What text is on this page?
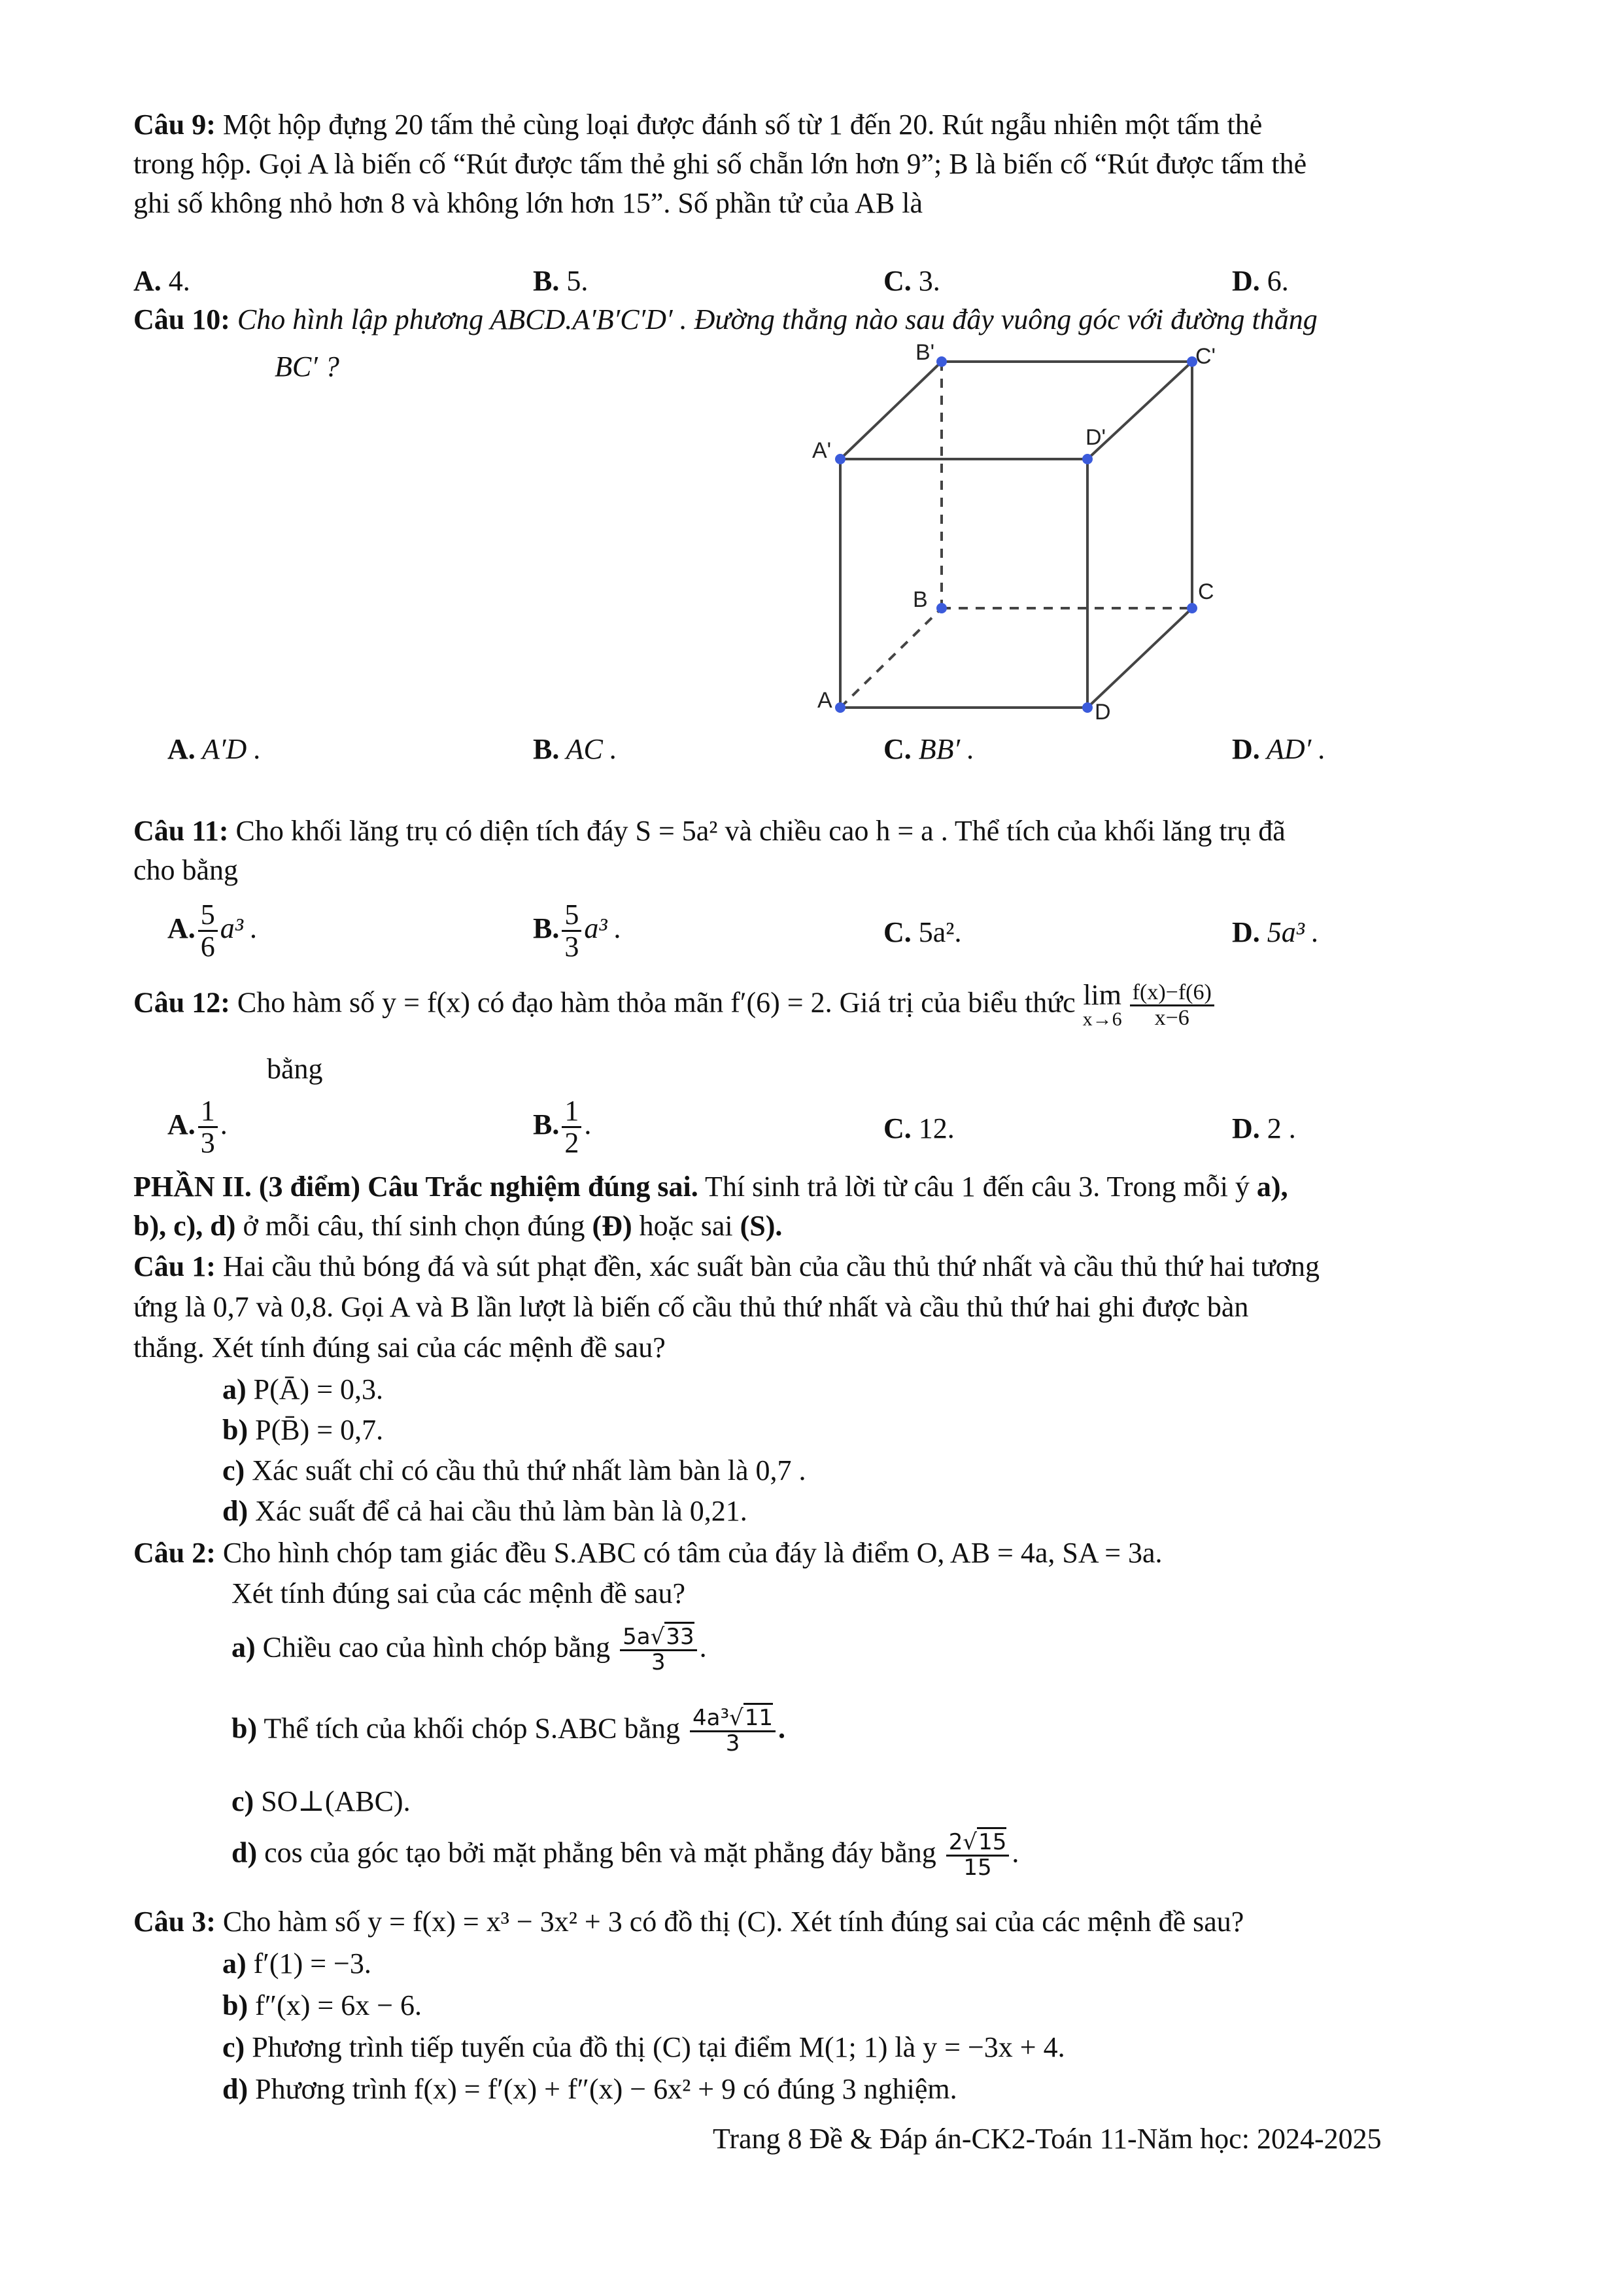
Câu 9: Một hộp đựng 20 tấm thẻ cùng loại được đánh số từ 1 đến 20. Rút ngẫu nhiên một tấm thẻ
trong hộp. Gọi A là biến cố “Rút được tấm thẻ ghi số chẵn lớn hơn 9”; B là biến cố “Rút được tấm thẻ
ghi số không nhỏ hơn 8 và không lớn hơn 15”. Số phần tử của AB là
A. 4.	B. 5.	C. 3.	D. 6.
Câu 10: Cho hình lập phương ABCD.A′B′C′D′ . Đường thẳng nào sau đây vuông góc với đường thẳng
BC′ ?	B'	C'
A'
D'
B	C
A	D
A. A′D .	B. AC .	C. BB′ .	D. AD′ .
Câu 11: Cho khối lăng trụ có diện tích đáy S = 5a² và chiều cao h = a . Thể tích của khối lăng trụ đã
cho bằng
A. $\frac{5}{6} a^3$ .	B. $\frac{5}{3} a^3$ .	C. 5a².	D. 5a³ .
Câu 12: Cho hàm số y = f(x) có đạo hàm thỏa mãn f′(6) = 2. Giá trị của biểu thức lim
$x\to 6 \frac{f(x)-f(6)}{x-6}$
bằng
A. $\frac{1}{3}$ .	B. $\frac{1}{2}$ .	C. 12.	D. 2 .
PHẦN II. (3 điểm) Câu Trắc nghiệm đúng sai. Thí sinh trả lời từ câu 1 đến câu 3. Trong mỗi ý a),
b), c), d) ở mỗi câu, thí sinh chọn đúng (Đ) hoặc sai (S).
Câu 1: Hai cầu thủ bóng đá và sút phạt đền, xác suất bàn của cầu thủ thứ nhất và cầu thủ thứ hai tương
ứng là 0,7 và 0,8. Gọi A và B lần lượt là biến cố cầu thủ thứ nhất và cầu thủ thứ hai ghi được bàn
thắng. Xét tính đúng sai của các mệnh đề sau?
a) P(Ā) = 0,3.
b) P(B̄) = 0,7.
c) Xác suất chỉ có cầu thủ thứ nhất làm bàn là 0,7 .
d) Xác suất để cả hai cầu thủ làm bàn là 0,21.
Câu 2: Cho hình chóp tam giác đều S.ABC có tâm của đáy là điểm O, AB = 4a, SA = 3a.
Xét tính đúng sai của các mệnh đề sau?
a) Chiều cao của hình chóp bằng $\frac{5a√33}{3}$ .
b) Thể tích của khối chóp S.ABC bằng $\frac{\text{4a³√11}}{3}$ .
c) SO⊥(ABC).
d) cos của góc tạo bởi mặt phẳng bên và mặt phẳng đáy bằng $\frac{2√15}{15}$ .
Câu 3: Cho hàm số y = f(x) = x³ − 3x² + 3 có đồ thị (C). Xét tính đúng sai của các mệnh đề sau?
a) f′(1) = −3.
b) f″(x) = 6x − 6.
c) Phương trình tiếp tuyến của đồ thị (C) tại điểm M(1; 1) là y = −3x + 4.
d) Phương trình f(x) = f′(x) + f″(x) − 6x² + 9 có đúng 3 nghiệm.
Trang 8 Đề & Đáp án-CK2-Toán 11-Năm học: 2024-2025
